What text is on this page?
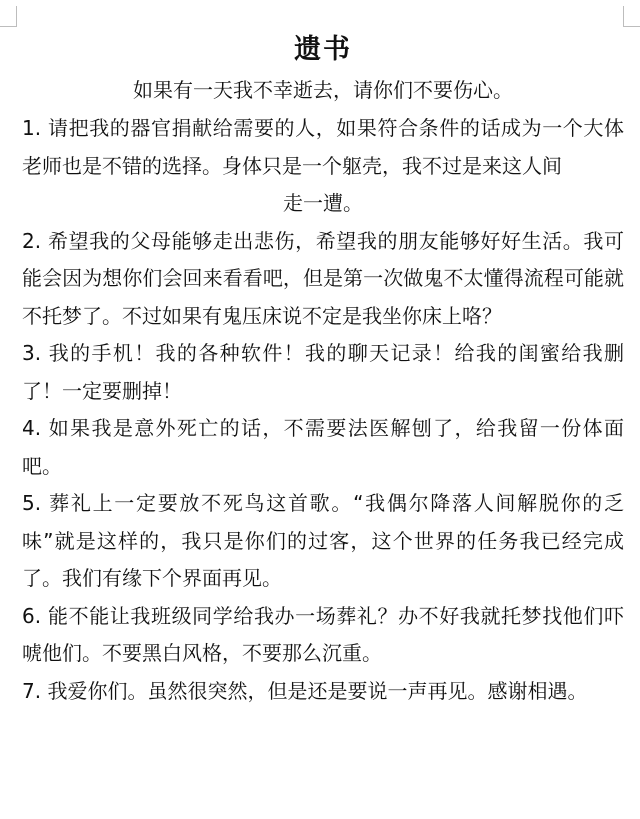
遗书

如果有一天我不幸逝去，请你们不要伤心。

1. 请把我的器官捐献给需要的人，如果符合条件的话成为一个大体老师也是不错的选择。身体只是一个躯壳，我不过是来这人间
走一遭。

2. 希望我的父母能够走出悲伤，希望我的朋友能够好好生活。我可能会因为想你们会回来看看吧，但是第一次做鬼不太懂得流程可能就不托梦了。不过如果有鬼压床说不定是我坐你床上咯？

3. 我的手机！我的各种软件！我的聊天记录！给我的闺蜜给我删了！一定要删掉！

4. 如果我是意外死亡的话，不需要法医解刨了，给我留一份体面吧。

5. 葬礼上一定要放不死鸟这首歌。“我偶尔降落人间解脱你的乏味”就是这样的，我只是你们的过客，这个世界的任务我已经完成了。我们有缘下个界面再见。

6. 能不能让我班级同学给我办一场葬礼？办不好我就托梦找他们吓唬他们。不要黑白风格，不要那么沉重。

7. 我爱你们。虽然很突然，但是还是要说一声再见。感谢相遇。
